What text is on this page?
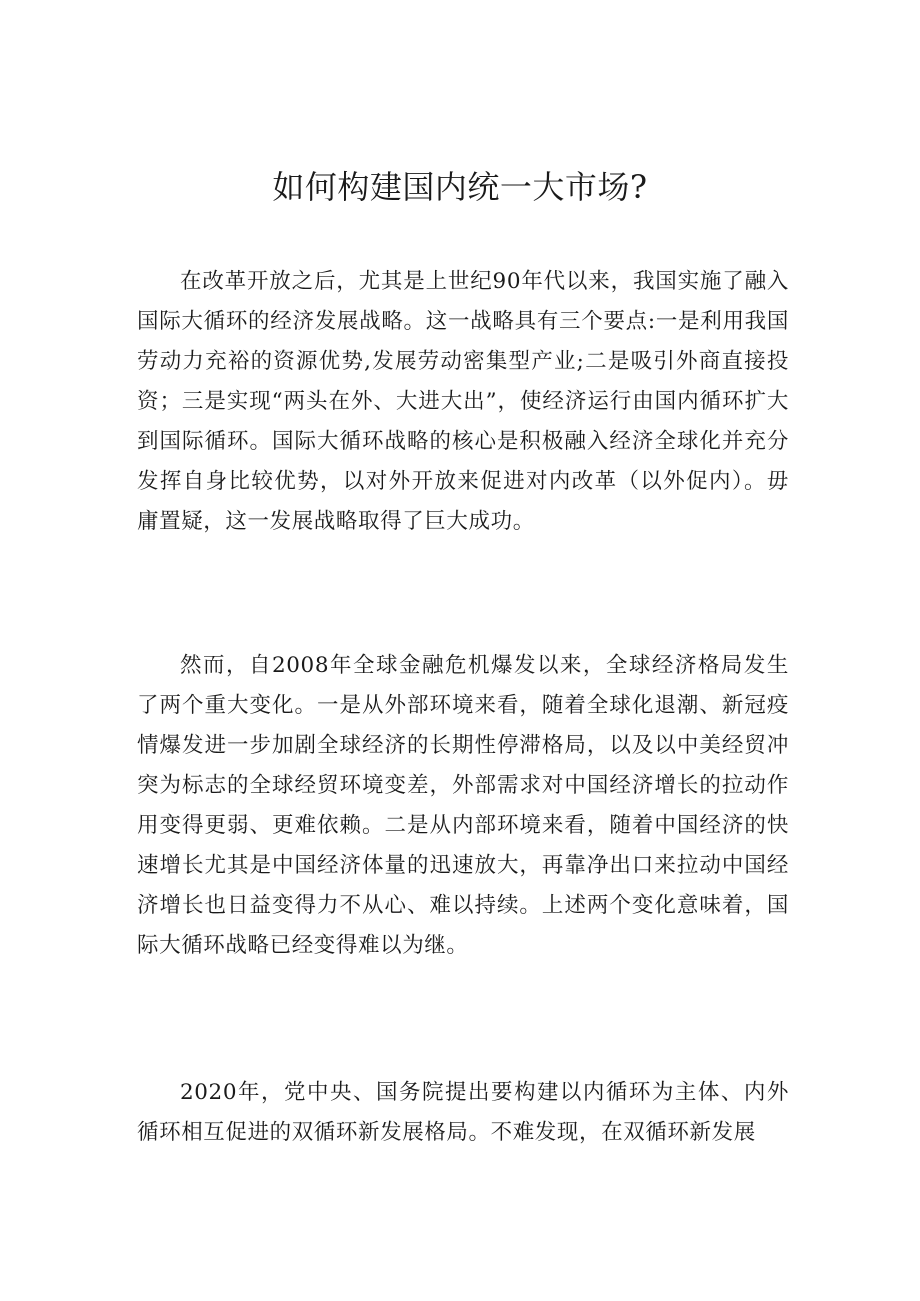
如何构建国内统一大市场?

在改革开放之后，尤其是上世纪90年代以来，我国实施了融入国际大循环的经济发展战略。这一战略具有三个要点:一是利用我国劳动力充裕的资源优势,发展劳动密集型产业;二是吸引外商直接投资；三是实现“两头在外、大进大出”，使经济运行由国内循环扩大到国际循环。国际大循环战略的核心是积极融入经济全球化并充分发挥自身比较优势，以对外开放来促进对内改革（以外促内）。毋庸置疑，这一发展战略取得了巨大成功。

然而，自2008年全球金融危机爆发以来，全球经济格局发生了两个重大变化。一是从外部环境来看，随着全球化退潮、新冠疫情爆发进一步加剧全球经济的长期性停滞格局，以及以中美经贸冲突为标志的全球经贸环境变差，外部需求对中国经济增长的拉动作用变得更弱、更难依赖。二是从内部环境来看，随着中国经济的快速增长尤其是中国经济体量的迅速放大，再靠净出口来拉动中国经济增长也日益变得力不从心、难以持续。上述两个变化意味着，国际大循环战略已经变得难以为继。

2020年，党中央、国务院提出要构建以内循环为主体、内外循环相互促进的双循环新发展格局。不难发现，在双循环新发展
